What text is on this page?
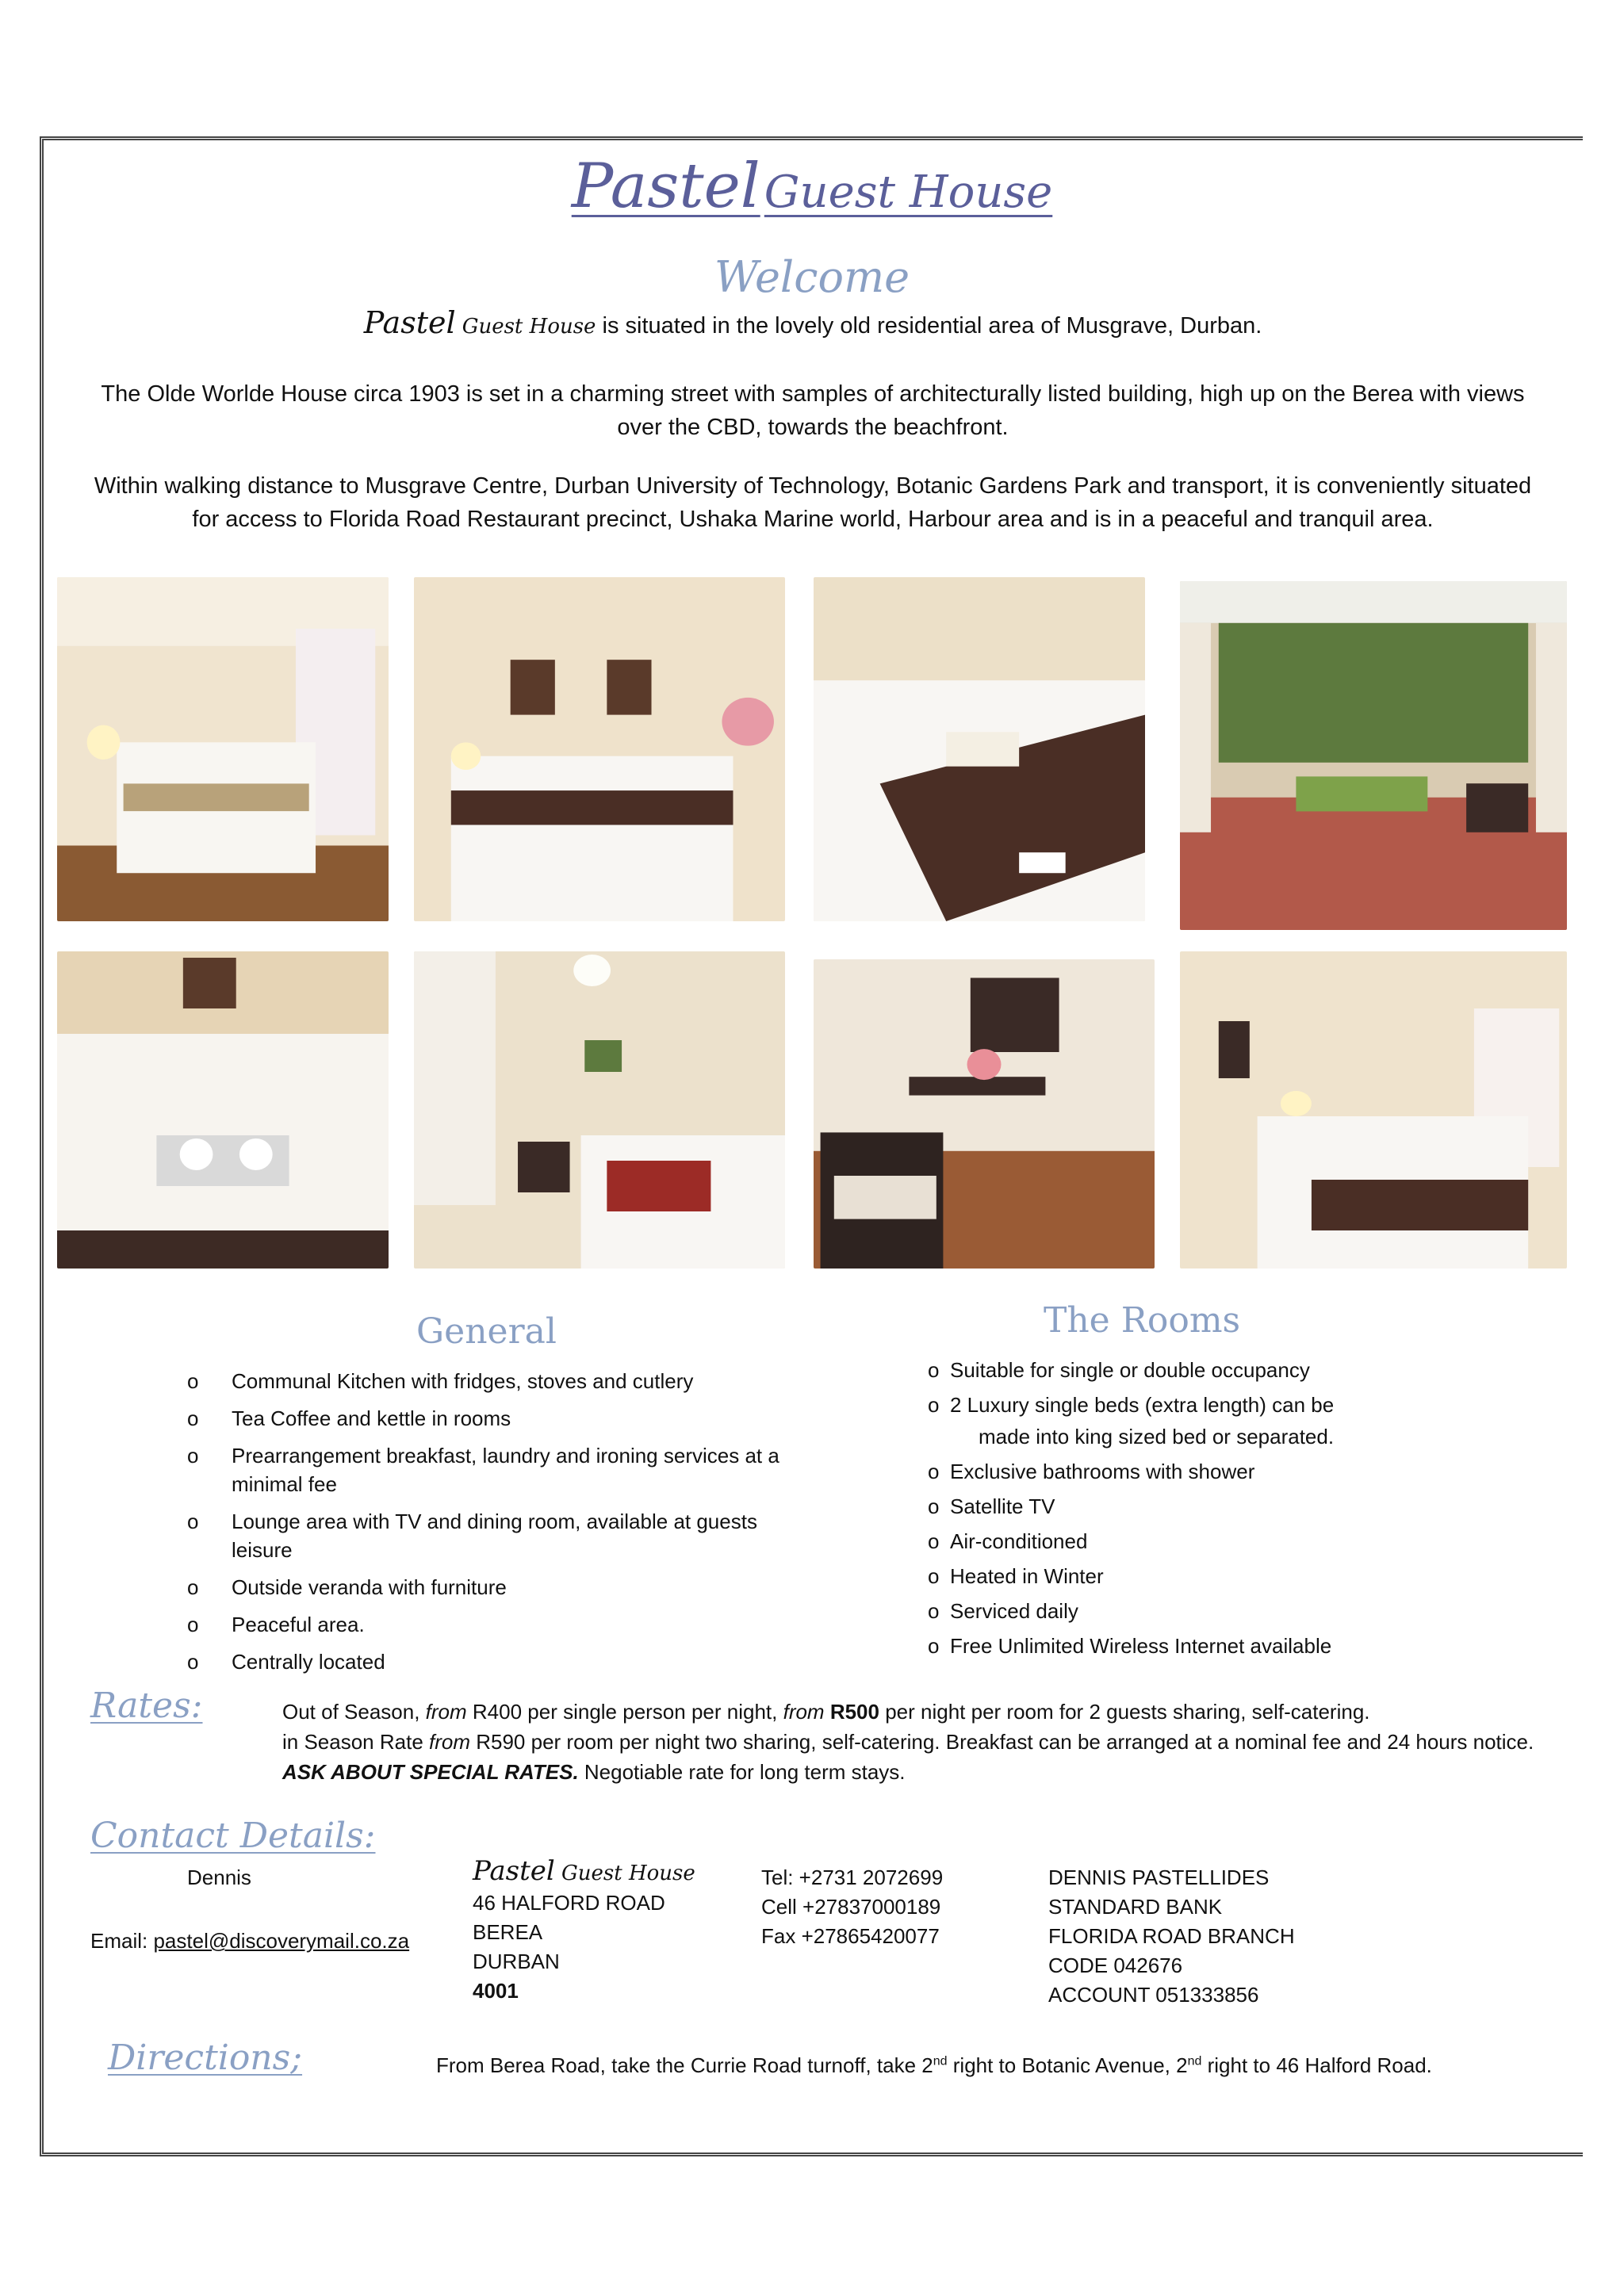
Pastel Guest House
Welcome
Pastel Guest House is situated in the lovely old residential area of Musgrave, Durban.
The Olde Worlde House circa 1903 is set in a charming street with samples of architecturally listed building, high up on the Berea with views over the CBD, towards the beachfront.
Within walking distance to Musgrave Centre, Durban University of Technology, Botanic Gardens Park and transport, it is conveniently situated for access to Florida Road Restaurant precinct, Ushaka Marine world, Harbour area and is in a peaceful and tranquil area.
General
o Communal Kitchen with fridges, stoves and cutlery
o Tea Coffee and kettle in rooms
o Prearrangement breakfast, laundry and ironing services at a minimal fee
o Lounge area with TV and dining room, available at guests leisure
o Outside veranda with furniture
o Peaceful area.
o Centrally located
The Rooms
o Suitable for single or double occupancy
o 2 Luxury single beds (extra length) can be
made into king sized bed or separated.
o Exclusive bathrooms with shower
o Satellite TV
o Air-conditioned
o Heated in Winter
o Serviced daily
o Free Unlimited Wireless Internet available
Rates:	Out of Season, from R400 per single person per night, from R500 per night per room for 2 guests sharing, self-catering.
in Season Rate from R590 per room per night two sharing, self-catering. Breakfast can be arranged at a nominal fee and 24 hours notice. ASK ABOUT SPECIAL RATES. Negotiable rate for long term stays.
Contact Details:
Dennis
Email: pastel@discoverymail.co.za
Pastel Guest House
46 HALFORD ROAD
BEREA
DURBAN
4001
Tel: +2731 2072699
Cell +27837000189
Fax +27865420077
DENNIS PASTELLIDES
STANDARD BANK
FLORIDA ROAD BRANCH
CODE 042676
ACCOUNT 051333856
Directions;	From Berea Road, take the Currie Road turnoff, take 2nd right to Botanic Avenue, 2nd right to 46 Halford Road.
